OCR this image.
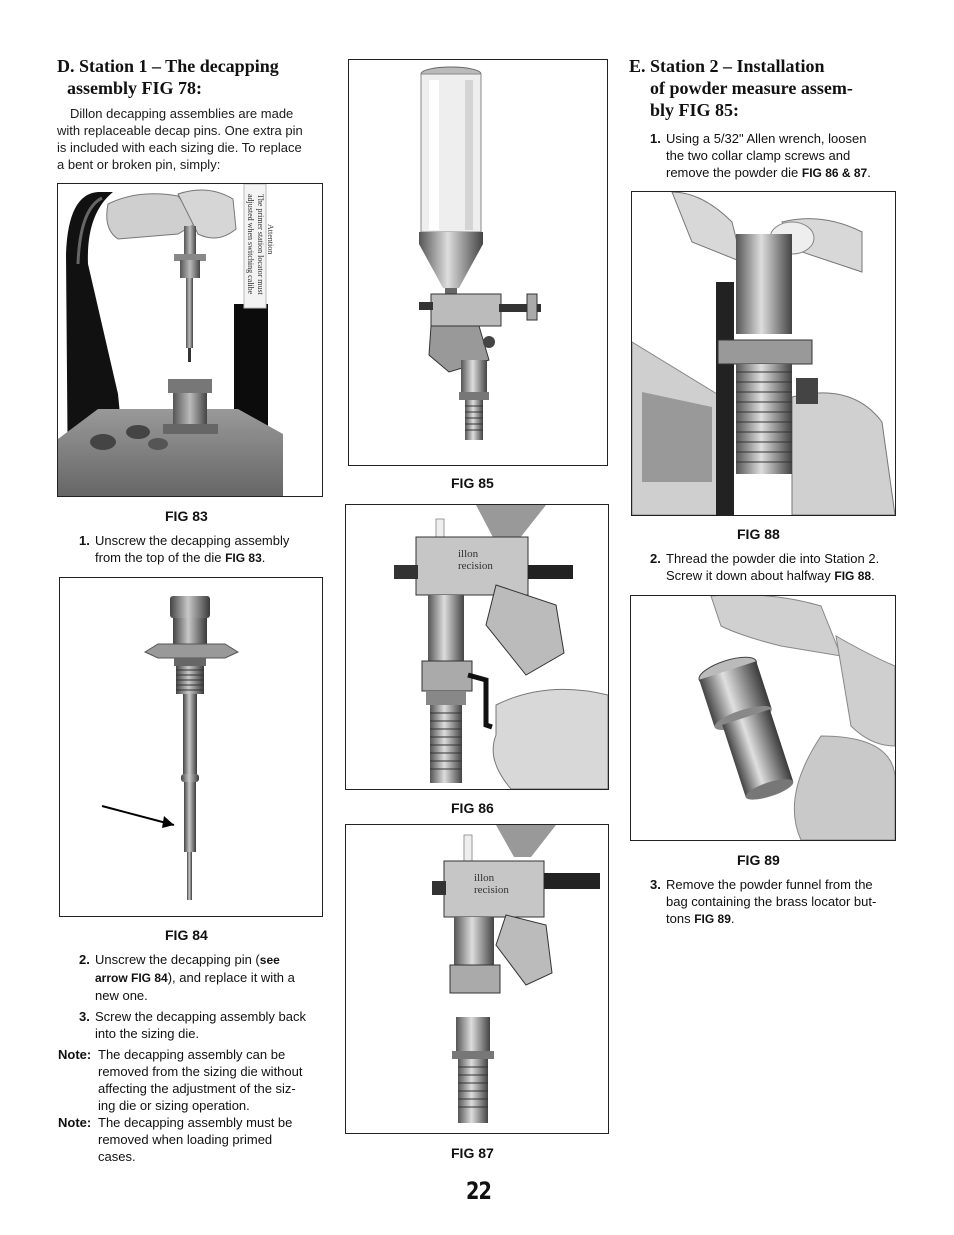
D. Station 1 – The decapping
assembly FIG 78:
Dillon decapping assemblies are made
with replaceable decap pins. One extra pin
is included with each sizing die. To replace
a bent or broken pin, simply:
Attention
The primer station locator must
adjusted when switching calibe
FIG 83
1. Unscrew the decapping assembly
from the top of the die FIG 83.
FIG 84
2. Unscrew the decapping pin (see
arrow FIG 84), and replace it with a
new one.
3. Screw the decapping assembly back
into the sizing die.
Note: The decapping assembly can be
removed from the sizing die without
affecting the adjustment of the siz-
ing die or sizing operation.
Note: The decapping assembly must be
removed when loading primed
cases.
FIG 85
illon
recision
FIG 86
illon
recision
FIG 87
E. Station 2 – Installation
of powder measure assem-
bly FIG 85:
1. Using a 5/32" Allen wrench, loosen
the two collar clamp screws and
remove the powder die FIG 86 & 87.
FIG 88
2. Thread the powder die into Station 2.
Screw it down about halfway FIG 88.
FIG 89
3. Remove the powder funnel from the
bag containing the brass locator but-
tons FIG 89.
22
